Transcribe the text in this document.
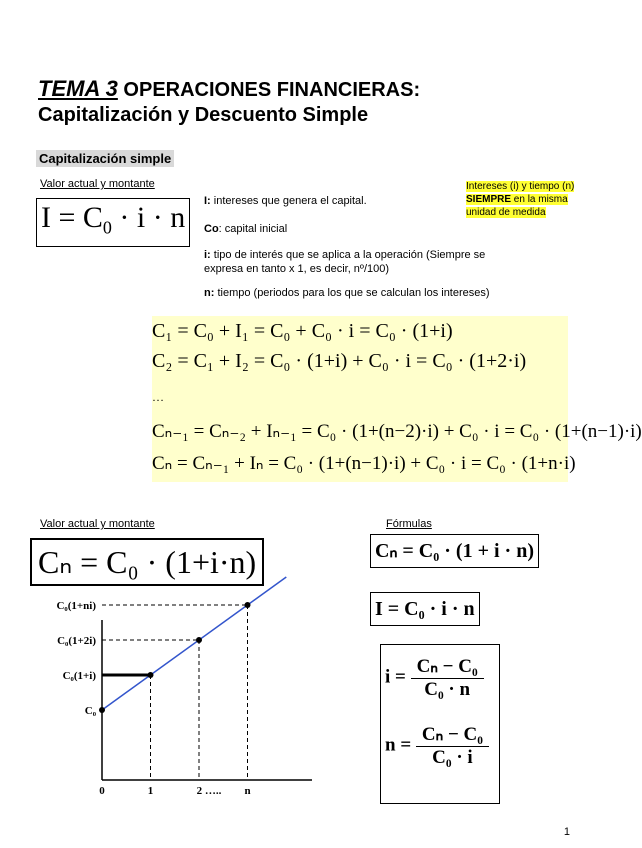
TEMA 3 OPERACIONES FINANCIERAS:
Capitalización y Descuento Simple
Capitalización simple
Valor actual y montante
$I = C_0 \cdot i \cdot n$	I: intereses que genera el capital.
Co: capital inicial
i: tipo de interés que se aplica a la operación (Siempre se expresa en tanto x 1, es decir, nº/100)
n: tiempo (periodos para los que se calculan los intereses)
Intereses (i) y tiempo (n)
SIEMPRE en la misma
unidad de medida
C₁ = C₀ + I₁ = C₀ + C₀ · i = C₀ · (1+i)
C₂ = C₁ + I₂ = C₀ · (1+i) + C₀ · i = C₀ · (1+2·i)
…
Cₙ₋₁ = Cₙ₋₂ + Iₙ₋₁ = C₀ · (1+(n−2)·i) + C₀ · i = C₀ · (1+(n−1)·i)
Cₙ = Cₙ₋₁ + Iₙ = C₀ · (1+(n−1)·i) + C₀ · i = C₀ · (1+n·i)
Valor actual y montante
Cₙ = C₀ · (1+i·n)
Fórmulas
Cₙ = C₀ · (1 + i · n)
I = C₀ · i · n
$i = \frac{\text{Cₙ − C₀}}{\text{C₀ · n}}$
$n = \frac{\text{Cₙ − C₀}}{\text{C₀ · i}}$
C₀
C₀(1+i)
C₀(1+2i)
C₀(1+ni)
0	1	2 ….. n
1
